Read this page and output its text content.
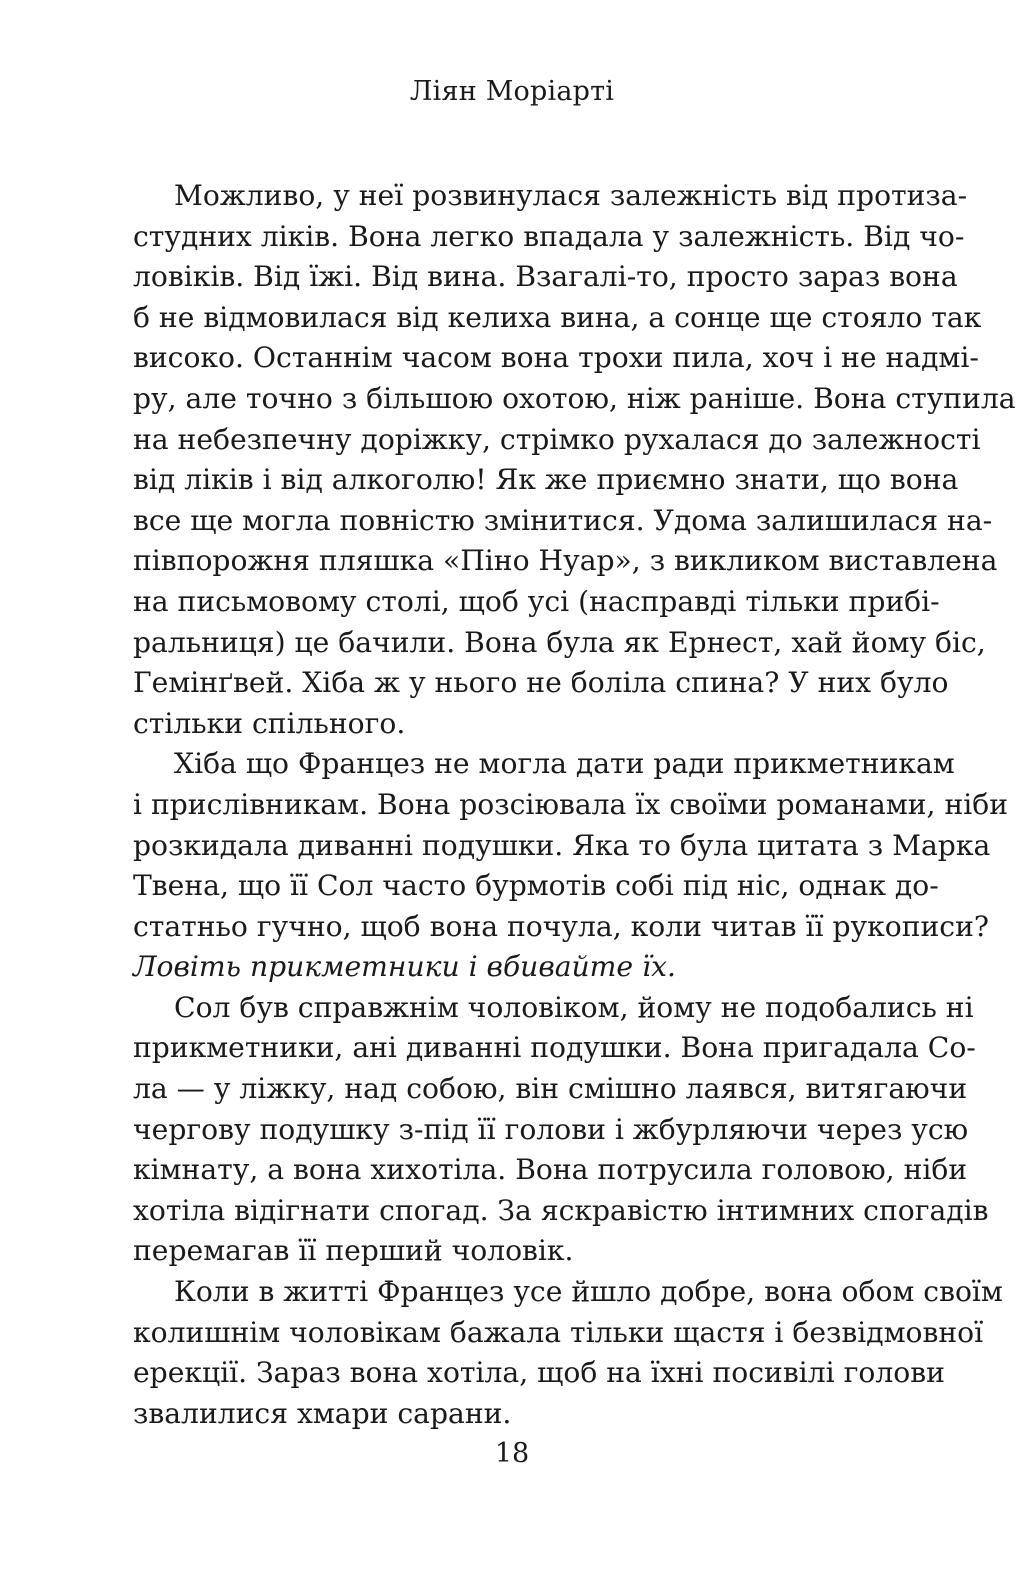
Ліян Моріарті
Можливо, у неї розвинулася залежність від протиза-
студних ліків. Вона легко впадала у залежність. Від чо-
ловіків. Від їжі. Від вина. Взагалі-то, просто зараз вона
б не відмовилася від келиха вина, а сонце ще стояло так
високо. Останнім часом вона трохи пила, хоч і не надмі-
ру, але точно з більшою охотою, ніж раніше. Вона ступила
на небезпечну доріжку, стрімко рухалася до залежності
від ліків і від алкоголю! Як же приємно знати, що вона
все ще могла повністю змінитися. Удома залишилася на-
півпорожня пляшка «Піно Нуар», з викликом виставлена
на письмовому столі, щоб усі (насправді тільки прибі-
ральниця) це бачили. Вона була як Ернест, хай йому біс,
Гемінґвей. Хіба ж у нього не боліла спина? У них було
стільки спільного.
Хіба що Францез не могла дати ради прикметникам
і прислівникам. Вона розсіювала їх своїми романами, ніби
розкидала диванні подушки. Яка то була цитата з Марка
Твена, що її Сол часто бурмотів собі під ніс, однак до-
статньо гучно, щоб вона почула, коли читав її рукописи?
Ловіть прикметники і вбивайте їх.
Сол був справжнім чоловіком, йому не подобались ні
прикметники, ані диванні подушки. Вона пригадала Со-
ла — у ліжку, над собою, він смішно лаявся, витягаючи
чергову подушку з-під її голови і жбурляючи через усю
кімнату, а вона хихотіла. Вона потрусила головою, ніби
хотіла відігнати спогад. За яскравістю інтимних спогадів
перемагав її перший чоловік.
Коли в житті Францез усе йшло добре, вона обом своїм
колишнім чоловікам бажала тільки щастя і безвідмовної
ерекції. Зараз вона хотіла, щоб на їхні посивілі голови
звалилися хмари сарани.
18
